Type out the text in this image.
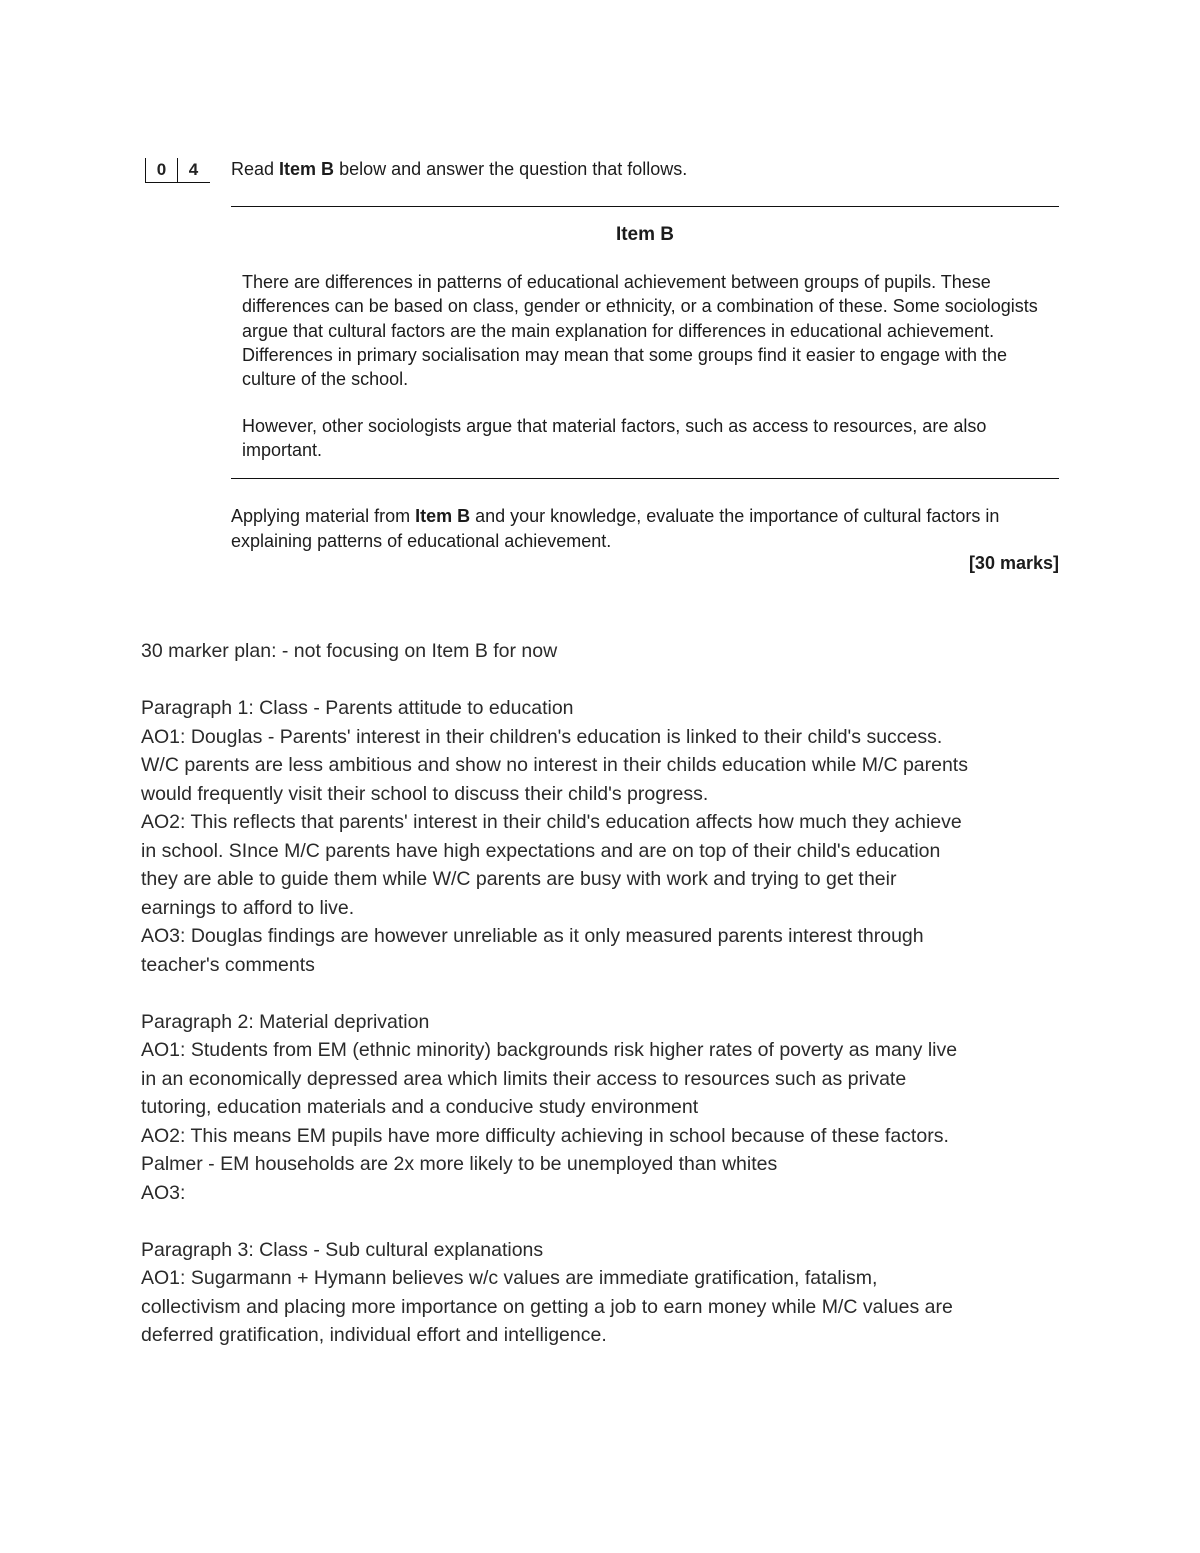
0	4	Read Item B below and answer the question that follows.
Item B

There are differences in patterns of educational achievement between groups of pupils. These differences can be based on class, gender or ethnicity, or a combination of these. Some sociologists argue that cultural factors are the main explanation for differences in educational achievement. Differences in primary socialisation may mean that some groups find it easier to engage with the culture of the school.

However, other sociologists argue that material factors, such as access to resources, are also important.

Applying material from Item B and your knowledge, evaluate the importance of cultural factors in explaining patterns of educational achievement.

[30 marks]
30 marker plan: - not focusing on Item B for now
Paragraph 1: Class - Parents attitude to education
AO1: Douglas - Parents' interest in their children's education is linked to their child's success.
W/C parents are less ambitious and show no interest in their childs education while M/C parents
would frequently visit their school to discuss their child's progress.
AO2: This reflects that parents' interest in their child's education affects how much they achieve
in school. SInce M/C parents have high expectations and are on top of their child's education
they are able to guide them while W/C parents are busy with work and trying to get their
earnings to afford to live.
AO3: Douglas findings are however unreliable as it only measured parents interest through
teacher's comments
Paragraph 2: Material deprivation
AO1: Students from EM (ethnic minority) backgrounds risk higher rates of poverty as many live
in an economically depressed area which limits their access to resources such as private
tutoring, education materials and a conducive study environment
AO2: This means EM pupils have more difficulty achieving in school because of these factors.
Palmer - EM households are 2x more likely to be unemployed than whites
AO3:
Paragraph 3: Class - Sub cultural explanations
AO1: Sugarmann + Hymann believes w/c values are immediate gratification, fatalism,
collectivism and placing more importance on getting a job to earn money while M/C values are
deferred gratification, individual effort and intelligence.
